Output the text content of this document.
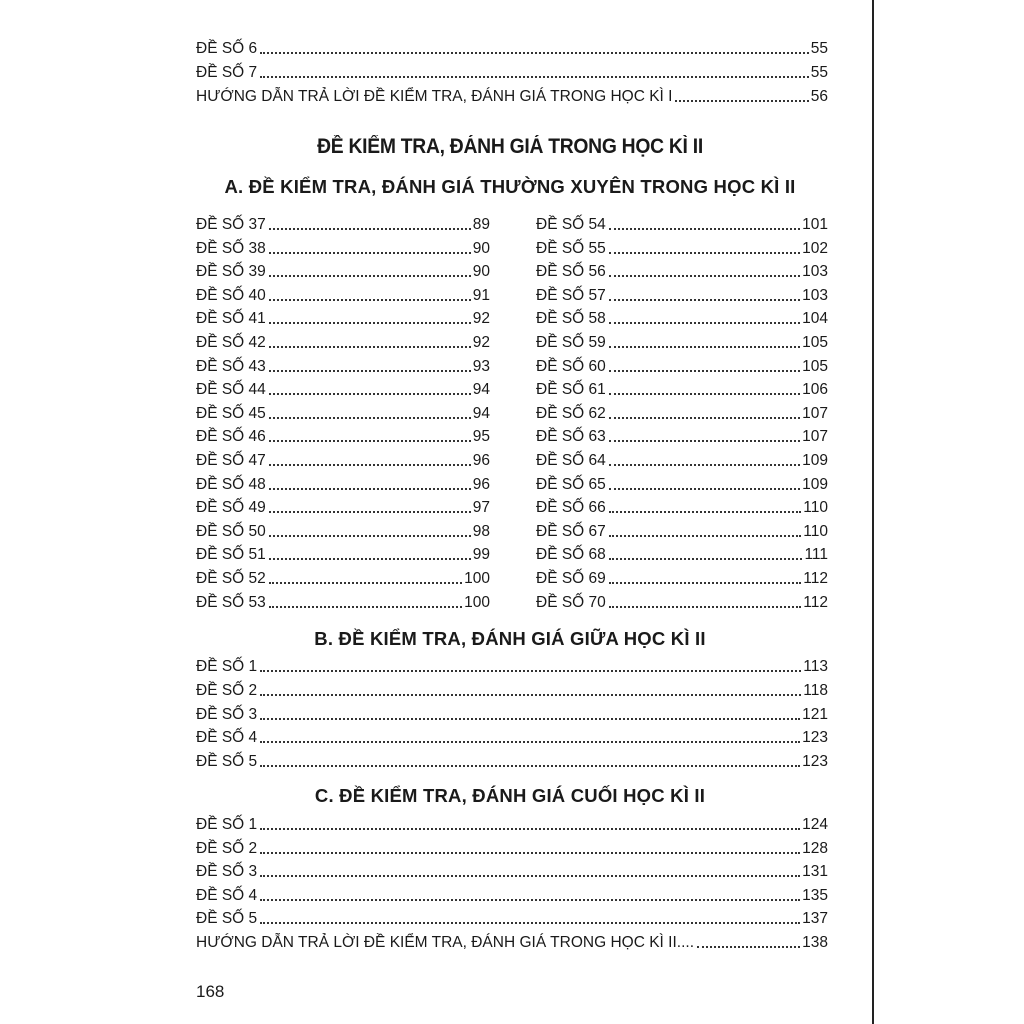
ĐỀ SỐ 6	55
ĐỀ SỐ 7	55
HƯỚNG DẪN TRẢ LỜI ĐỀ KIỂM TRA, ĐÁNH GIÁ TRONG HỌC KÌ I	56
ĐỀ KIỂM TRA, ĐÁNH GIÁ TRONG HỌC KÌ II
A. ĐỀ KIỂM TRA, ĐÁNH GIÁ THƯỜNG XUYÊN TRONG HỌC KÌ II
ĐỀ SỐ 37	89
ĐỀ SỐ 38	90
ĐỀ SỐ 39	90
ĐỀ SỐ 40	91
ĐỀ SỐ 41	92
ĐỀ SỐ 42	92
ĐỀ SỐ 43	93
ĐỀ SỐ 44	94
ĐỀ SỐ 45	94
ĐỀ SỐ 46	95
ĐỀ SỐ 47	96
ĐỀ SỐ 48	96
ĐỀ SỐ 49	97
ĐỀ SỐ 50	98
ĐỀ SỐ 51	99
ĐỀ SỐ 52	100
ĐỀ SỐ 53	100
ĐỀ SỐ 54	101
ĐỀ SỐ 55	102
ĐỀ SỐ 56	103
ĐỀ SỐ 57	103
ĐỀ SỐ 58	104
ĐỀ SỐ 59	105
ĐỀ SỐ 60	105
ĐỀ SỐ 61	106
ĐỀ SỐ 62	107
ĐỀ SỐ 63	107
ĐỀ SỐ 64	109
ĐỀ SỐ 65	109
ĐỀ SỐ 66	110
ĐỀ SỐ 67	110
ĐỀ SỐ 68	111
ĐỀ SỐ 69	112
ĐỀ SỐ 70	112
B. ĐỀ KIỂM TRA, ĐÁNH GIÁ GIỮA HỌC KÌ II
ĐỀ SỐ 1	113
ĐỀ SỐ 2	118
ĐỀ SỐ 3	121
ĐỀ SỐ 4	123
ĐỀ SỐ 5	123
C. ĐỀ KIỂM TRA, ĐÁNH GIÁ CUỐI HỌC KÌ II
ĐỀ SỐ 1	124
ĐỀ SỐ 2	128
ĐỀ SỐ 3	131
ĐỀ SỐ 4	135
ĐỀ SỐ 5	137
HƯỚNG DẪN TRẢ LỜI ĐỀ KIỂM TRA, ĐÁNH GIÁ TRONG HỌC KÌ II....	138
168
